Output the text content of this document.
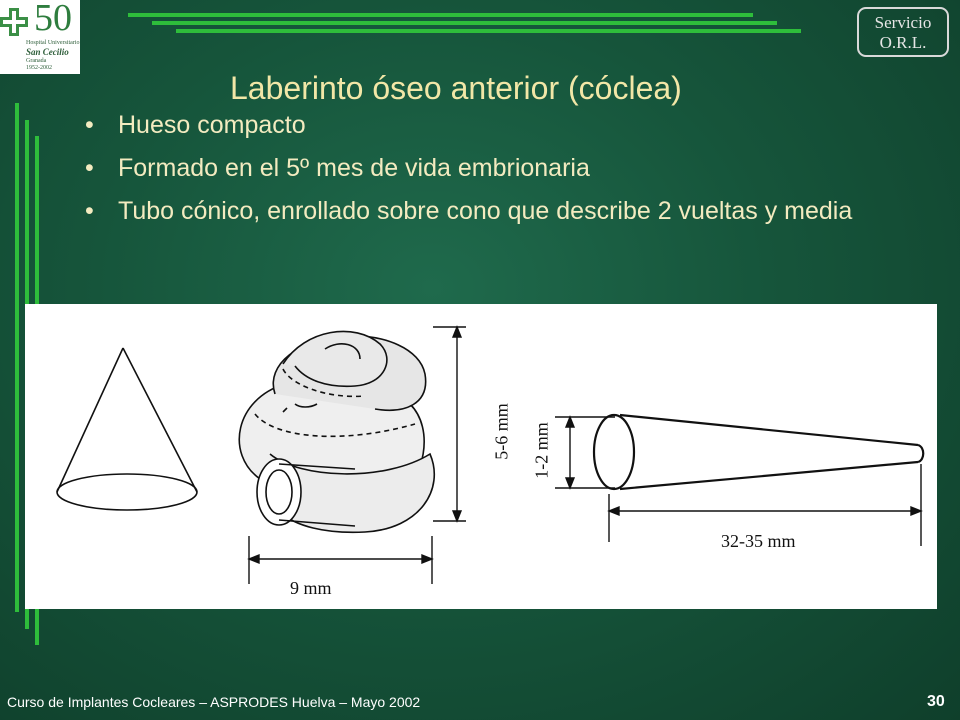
50
Hospital Universitario
San Cecilio
Granada
1952-2002
Servicio
O.R.L.
Laberinto óseo anterior (cóclea)
• Hueso compacto
• Formado en el 5º mes de vida embrionaria
• Tubo cónico, enrollado sobre cono que describe 2 vueltas y media
9 mm
5-6 mm 1-2 mm
32-35 mm
Curso de Implantes Cocleares – ASPRODES Huelva – Mayo 2002	30
